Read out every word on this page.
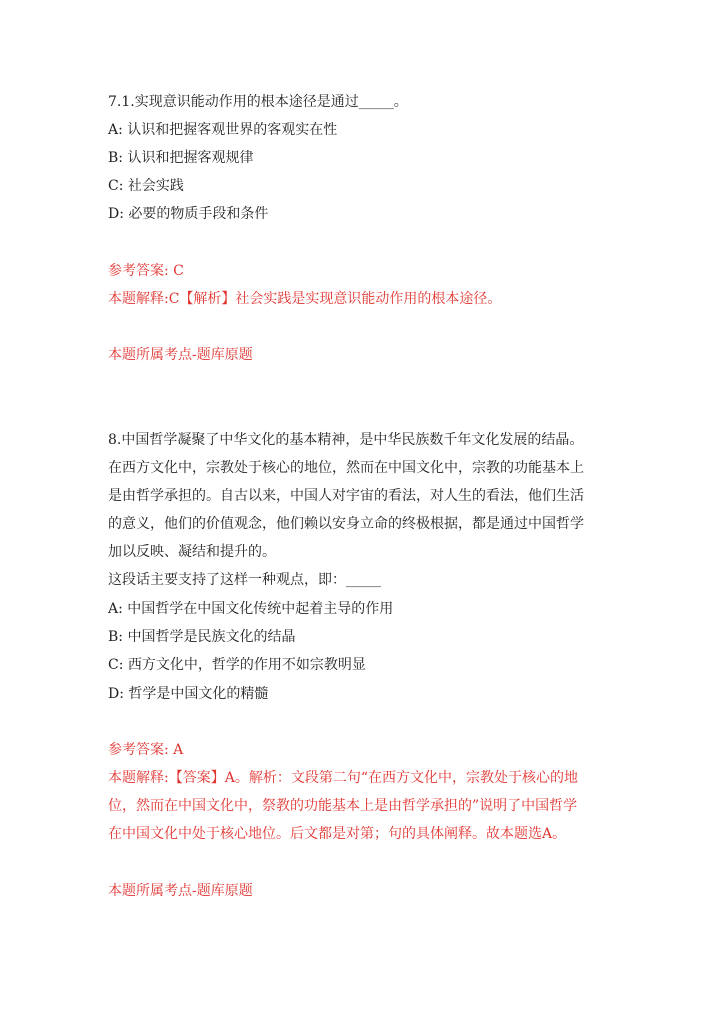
7.1.实现意识能动作用的根本途径是通过_____。
A: 认识和把握客观世界的客观实在性
B: 认识和把握客观规律
C: 社会实践
D: 必要的物质手段和条件
参考答案: C
本题解释:C【解析】社会实践是实现意识能动作用的根本途径。
本题所属考点-题库原题
8.中国哲学凝聚了中华文化的基本精神，是中华民族数千年文化发展的结晶。
在西方文化中，宗教处于核心的地位，然而在中国文化中，宗教的功能基本上
是由哲学承担的。自古以来，中国人对宇宙的看法，对人生的看法，他们生活
的意义，他们的价值观念，他们赖以安身立命的终极根据，都是通过中国哲学
加以反映、凝结和提升的。
这段话主要支持了这样一种观点，即：_____
A: 中国哲学在中国文化传统中起着主导的作用
B: 中国哲学是民族文化的结晶
C: 西方文化中，哲学的作用不如宗教明显
D: 哲学是中国文化的精髓
参考答案: A
本题解释:【答案】A。解析：文段第二句“在西方文化中，宗教处于核心的地
位，然而在中国文化中，祭教的功能基本上是由哲学承担的”说明了中国哲学
在中国文化中处于核心地位。后文都是对第；句的具体阐释。故本题选A。
本题所属考点-题库原题
